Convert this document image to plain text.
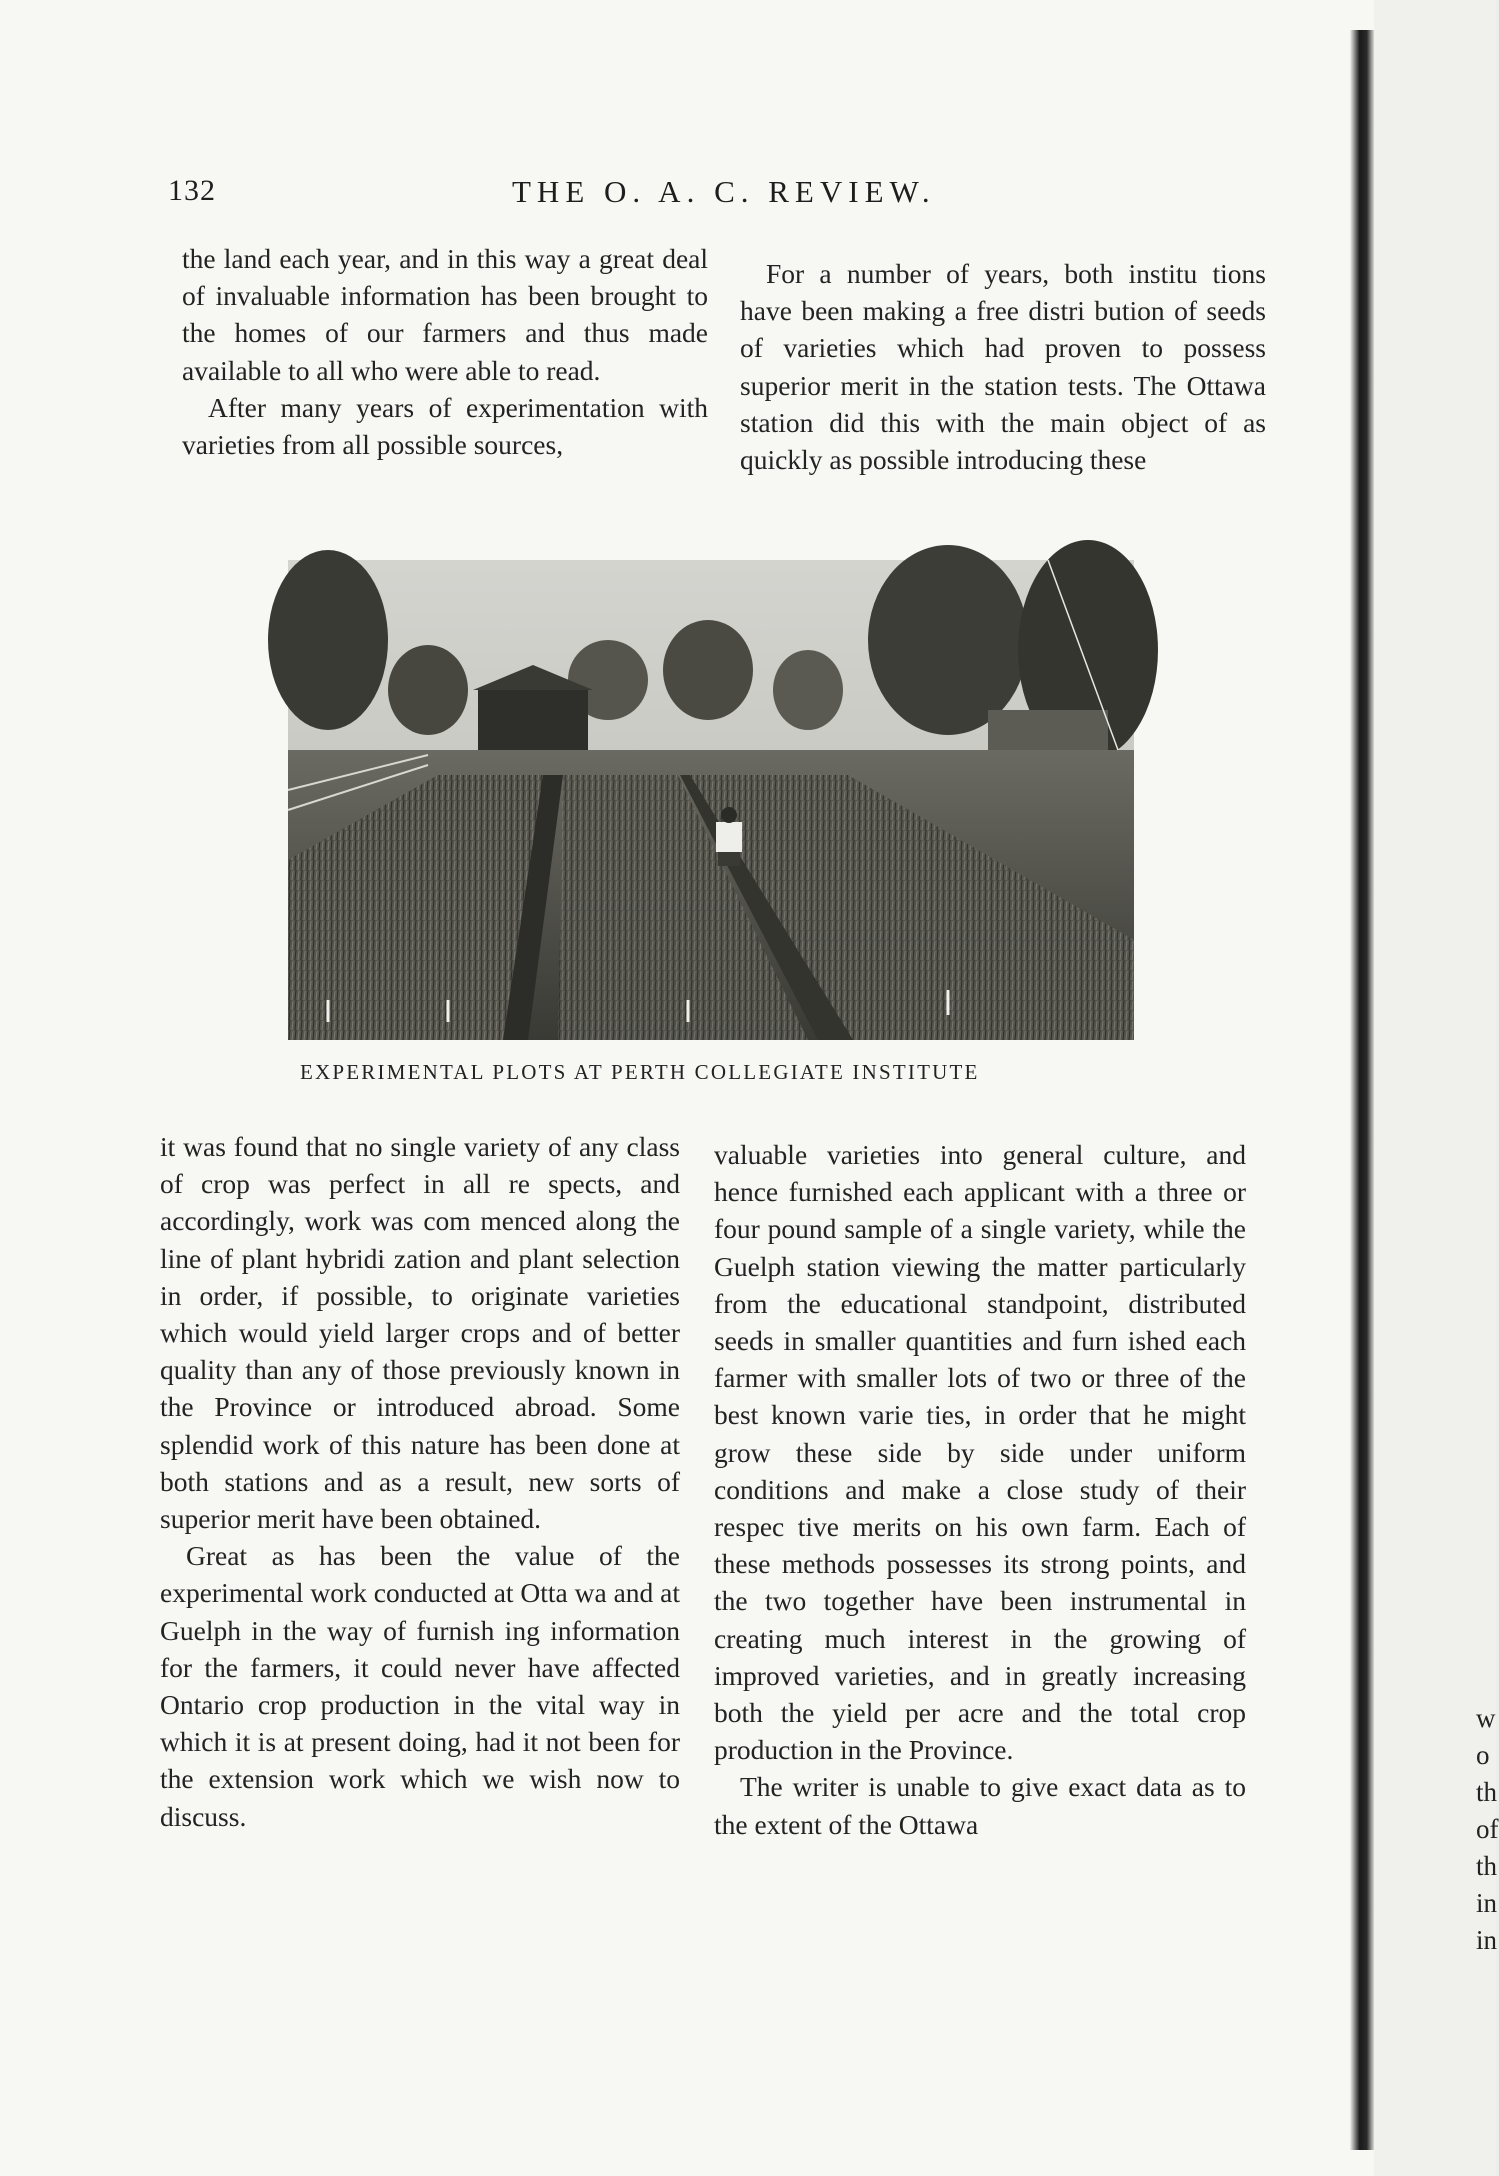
132	THE O. A. C. REVIEW.

the land each year, and in this way a great deal of invaluable information has been brought to the homes of our farmers and thus made available to all who were able to read.

After many years of experimentation with varieties from all possible sources,

For a number of years, both institu tions have been making a free distri bution of seeds of varieties which had proven to possess superior merit in the station tests. The Ottawa station did this with the main object of as quickly as possible introducing these

EXPERIMENTAL PLOTS AT PERTH COLLEGIATE INSTITUTE

it was found that no single variety of any class of crop was perfect in all re spects, and accordingly, work was com menced along the line of plant hybridi zation and plant selection in order, if possible, to originate varieties which would yield larger crops and of better quality than any of those previously known in the Province or introduced abroad. Some splendid work of this nature has been done at both stations and as a result, new sorts of superior merit have been obtained.

Great as has been the value of the experimental work conducted at Otta wa and at Guelph in the way of furnish ing information for the farmers, it could never have affected Ontario crop production in the vital way in which it is at present doing, had it not been for the extension work which we wish now to discuss.

valuable varieties into general culture, and hence furnished each applicant with a three or four pound sample of a single variety, while the Guelph station viewing the matter particularly from the educational standpoint, distributed seeds in smaller quantities and furn ished each farmer with smaller lots of two or three of the best known varie ties, in order that he might grow these side by side under uniform conditions and make a close study of their respec tive merits on his own farm. Each of these methods possesses its strong points, and the two together have been instrumental in creating much interest in the growing of improved varieties, and in greatly increasing both the yield per acre and the total crop production in the Province.

The writer is unable to give exact data as to the extent of the Ottawa

w
o
th
of
th
in
in
